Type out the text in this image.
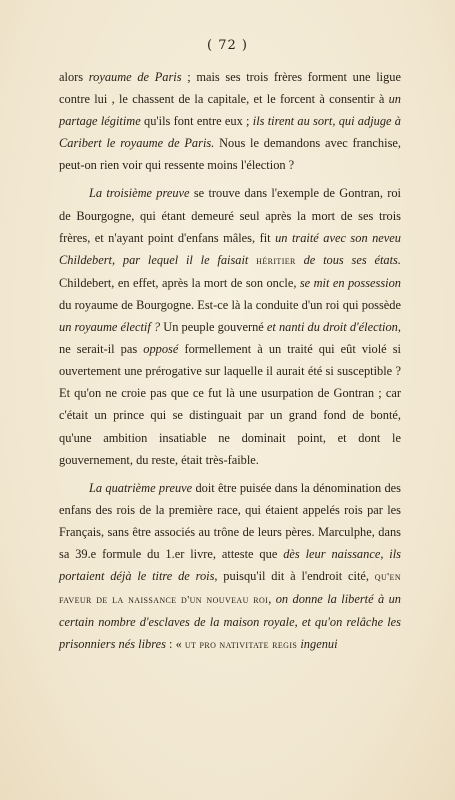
( 72 )

alors royaume de Paris ; mais ses trois frères forment une ligue contre lui , le chassent de la capitale, et le forcent à consentir à un partage légitime qu'ils font entre eux ; ils tirent au sort, qui adjuge à Caribert le royaume de Paris. Nous le demandons avec franchise, peut-on rien voir qui ressente moins l'élection ?

La troisième preuve se trouve dans l'exemple de Gontran, roi de Bourgogne, qui étant demeuré seul après la mort de ses trois frères, et n'ayant point d'enfans mâles, fit un traité avec son neveu Childebert, par lequel il le faisait héritier de tous ses états. Childebert, en effet, après la mort de son oncle, se mit en possession du royaume de Bourgogne. Est-ce là la conduite d'un roi qui possède un royaume électif ? Un peuple gouverné et nanti du droit d'élection, ne serait-il pas opposé formellement à un traité qui eût violé si ouvertement une prérogative sur laquelle il aurait été si susceptible ? Et qu'on ne croie pas que ce fut là une usurpation de Gontran ; car c'était un prince qui se distinguait par un grand fond de bonté, qu'une ambition insatiable ne dominait point, et dont le gouvernement, du reste, était très-faible.

La quatrième preuve doit être puisée dans la dénomination des enfans des rois de la première race, qui étaient appelés rois par les Français, sans être associés au trône de leurs pères. Marculphe, dans sa 39.e formule du 1.er livre, atteste que dès leur naissance, ils portaient déjà le titre de rois, puisqu'il dit à l'endroit cité, qu'en faveur de la naissance d'un nouveau roi, on donne la liberté à un certain nombre d'esclaves de la maison royale, et qu'on relâche les prisonniers nés libres : « ut pro nativitate regis ingenui
